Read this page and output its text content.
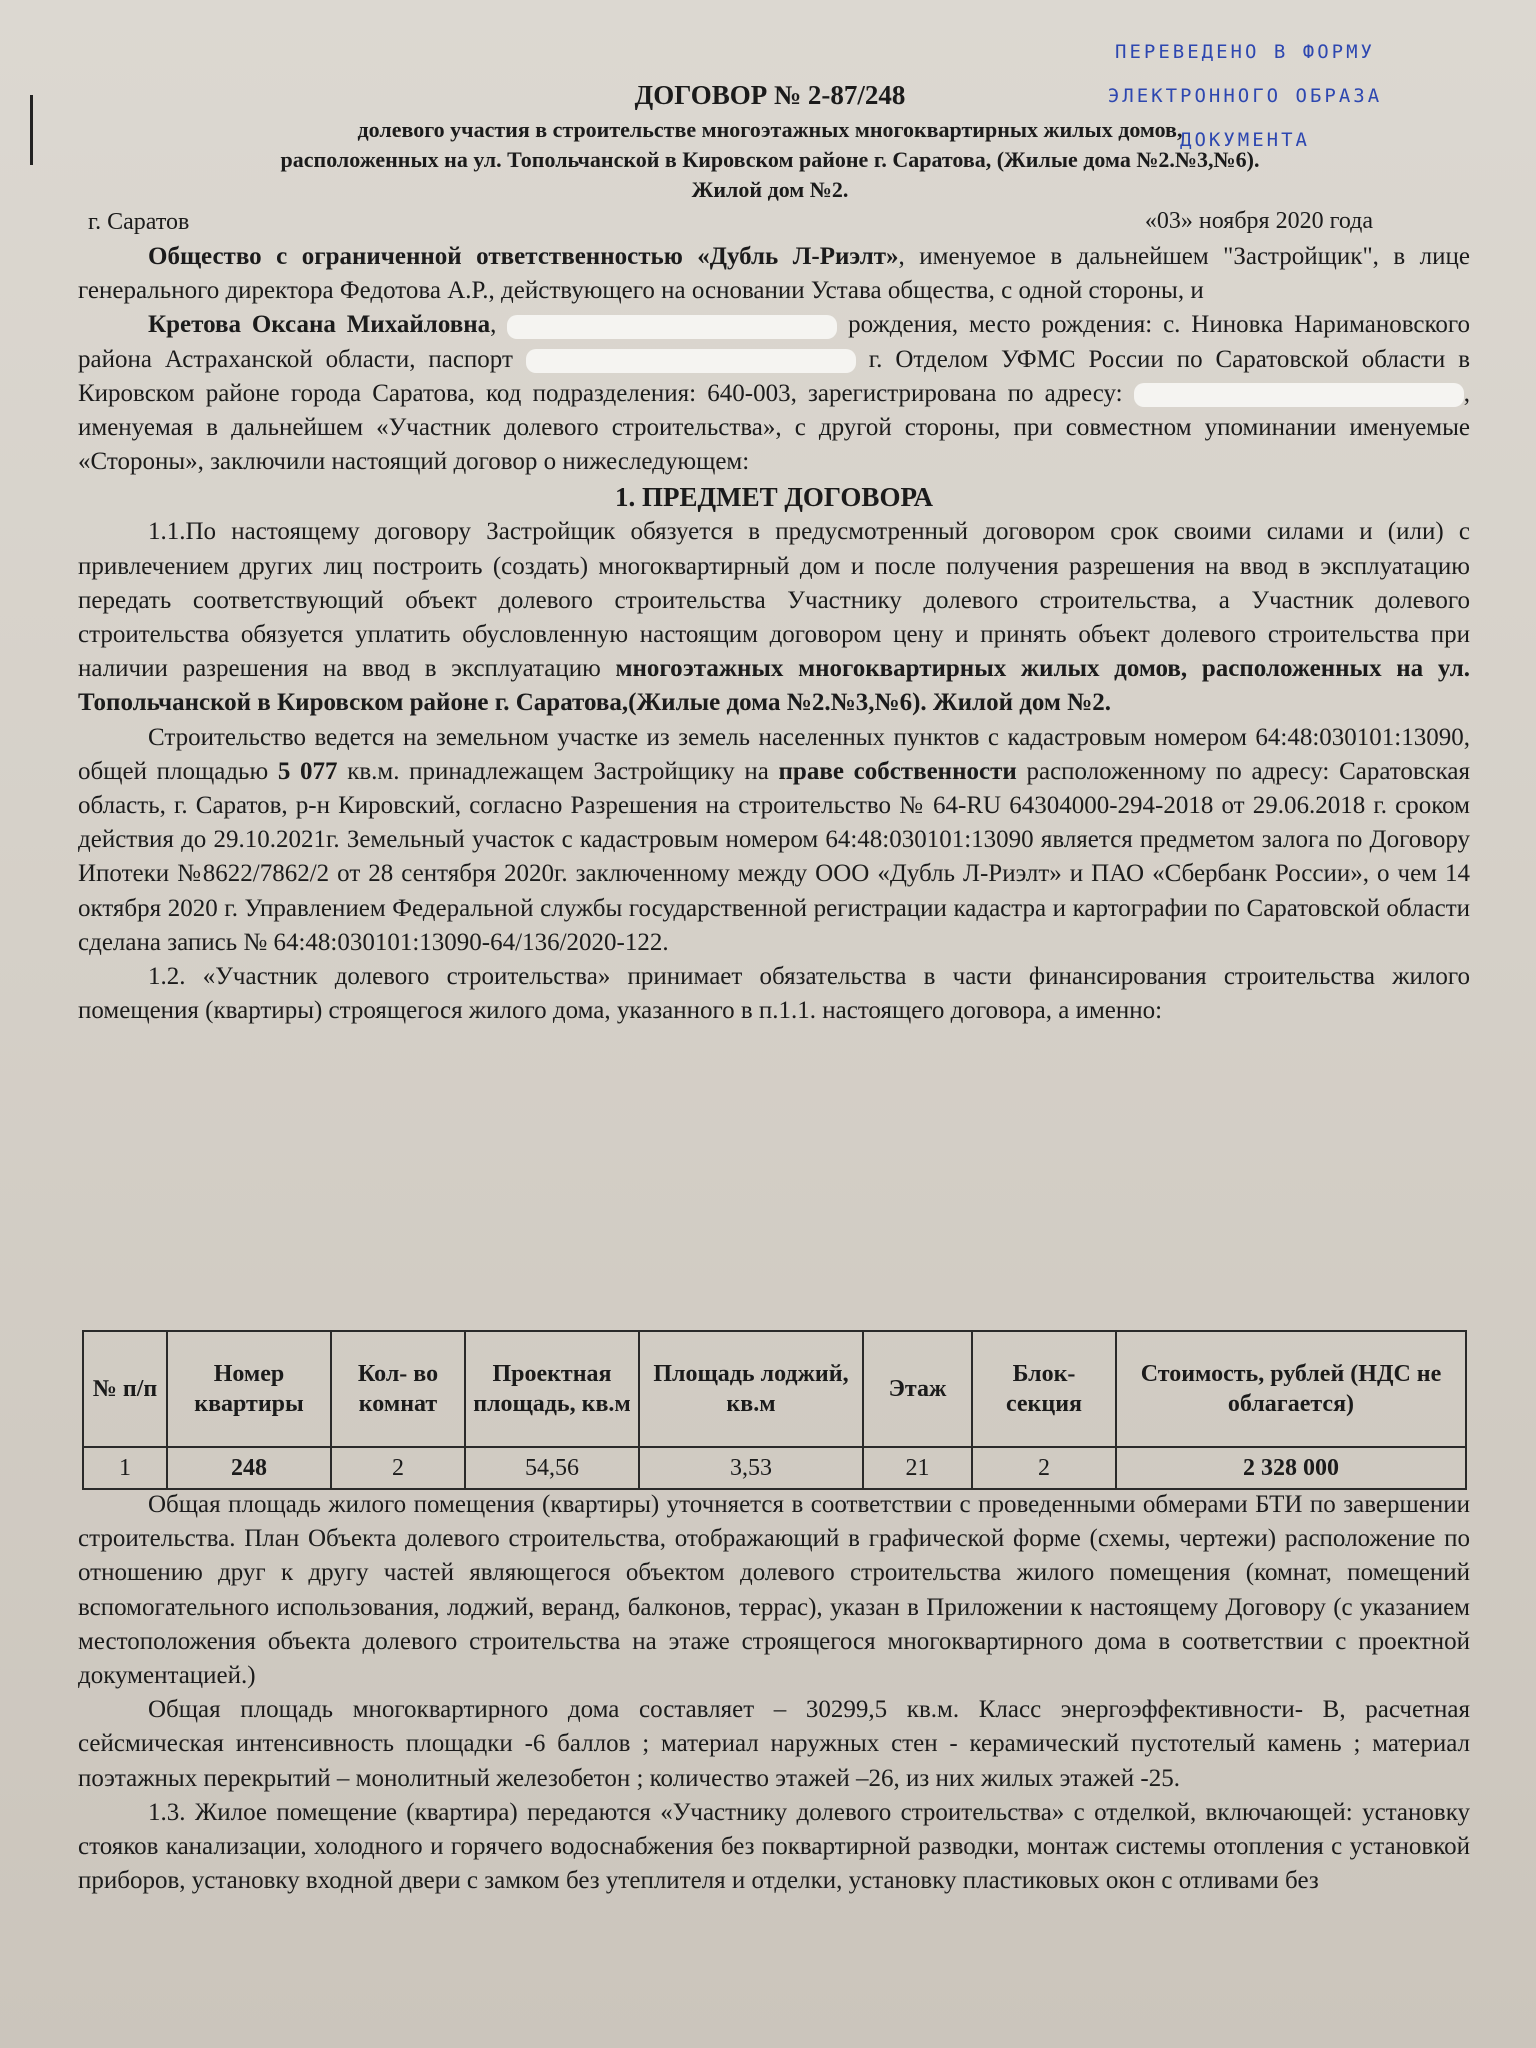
ПЕРЕВЕДЕНО В ФОРМУ
ЭЛЕКТРОННОГО ОБРАЗА
ДОКУМЕНТА
ДОГОВОР № 2-87/248
долевого участия в строительстве многоэтажных многоквартирных жилых домов,
расположенных на ул. Топольчанской в Кировском районе г. Саратова, (Жилые дома №2.№3,№6).
Жилой дом №2.
г. Саратов	«03» ноября 2020 года

Общество с ограниченной ответственностью «Дубль Л-Риэлт», именуемое в дальнейшем "Застройщик", в лице генерального директора Федотова А.Р., действующего на основании Устава общества, с одной стороны, и

Кретова Оксана Михайловна,	рождения, место рождения: с. Ниновка Наримановского района Астраханской области, паспорт	г. Отделом УФМС России по Саратовской области в Кировском районе города Саратова, код подразделения: 640-003, зарегистрирована по адресу:	, именуемая в дальнейшем «Участник долевого строительства», с другой стороны, при совместном упоминании именуемые «Стороны», заключили настоящий договор о нижеследующем:

1. ПРЕДМЕТ ДОГОВОРА

1.1.По настоящему договору Застройщик обязуется в предусмотренный договором срок своими силами и (или) с привлечением других лиц построить (создать) многоквартирный дом и после получения разрешения на ввод в эксплуатацию передать соответствующий объект долевого строительства Участнику долевого строительства, а Участник долевого строительства обязуется уплатить обусловленную настоящим договором цену и принять объект долевого строительства при наличии разрешения на ввод в эксплуатацию многоэтажных многоквартирных жилых домов, расположенных на ул. Топольчанской в Кировском районе г. Саратова,(Жилые дома №2.№3,№6). Жилой дом №2.

Строительство ведется на земельном участке из земель населенных пунктов с кадастровым номером 64:48:030101:13090, общей площадью 5 077 кв.м. принадлежащем Застройщику на праве собственности расположенному по адресу: Саратовская область, г. Саратов, р-н Кировский, согласно Разрешения на строительство № 64-RU 64304000-294-2018 от 29.06.2018 г. сроком действия до 29.10.2021г. Земельный участок с кадастровым номером 64:48:030101:13090 является предметом залога по Договору Ипотеки №8622/7862/2 от 28 сентября 2020г. заключенному между ООО «Дубль Л-Риэлт» и ПАО «Сбербанк России», о чем 14 октября 2020 г. Управлением Федеральной службы государственной регистрации кадастра и картографии по Саратовской области сделана запись № 64:48:030101:13090-64/136/2020-122.

1.2. «Участник долевого строительства» принимает обязательства в части финансирования строительства жилого помещения (квартиры) строящегося жилого дома, указанного в п.1.1. настоящего договора, а именно:

№ п/п	Номер квартиры	Кол- во комнат	Проектная площадь, кв.м	Площадь лоджий, кв.м	Этаж	Блок-секция	Стоимость, рублей (НДС не облагается)
1	248	2	54,56	3,53	21	2	2 328 000

Общая площадь жилого помещения (квартиры) уточняется в соответствии с проведенными обмерами БТИ по завершении строительства. План Объекта долевого строительства, отображающий в графической форме (схемы, чертежи) расположение по отношению друг к другу частей являющегося объектом долевого строительства жилого помещения (комнат, помещений вспомогательного использования, лоджий, веранд, балконов, террас), указан в Приложении к настоящему Договору (с указанием местоположения объекта долевого строительства на этаже строящегося многоквартирного дома в соответствии с проектной документацией.)

Общая площадь многоквартирного дома составляет – 30299,5 кв.м. Класс энергоэффективности- В, расчетная сейсмическая интенсивность площадки -6 баллов ; материал наружных стен - керамический пустотелый камень ; материал поэтажных перекрытий – монолитный железобетон ; количество этажей –26, из них жилых этажей -25.

1.3. Жилое помещение (квартира) передаются «Участнику долевого строительства» с отделкой, включающей: установку стояков канализации, холодного и горячего водоснабжения без поквартирной разводки, монтаж системы отопления с установкой приборов, установку входной двери с замком без утеплителя и отделки, установку пластиковых окон с отливами без
